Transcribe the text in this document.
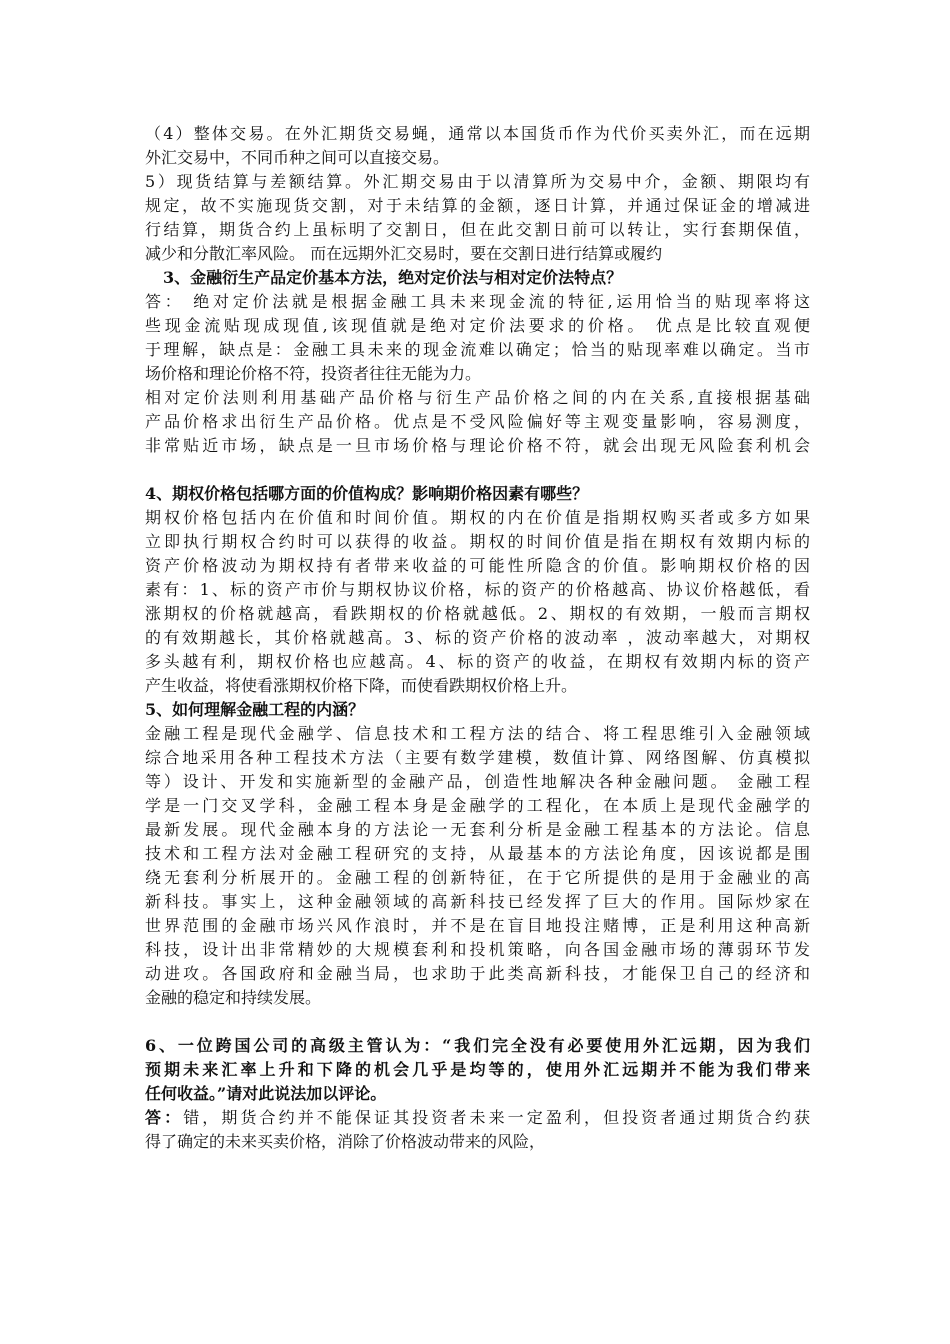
（4）整体交易。在外汇期货交易蝇，通常以本国货币作为代价买卖外汇，而在远期
外汇交易中，不同币种之间可以直接交易。
5）现货结算与差额结算。外汇期交易由于以清算所为交易中介，金额、期限均有
规定，故不实施现货交割，对于未结算的金额，逐日计算，并通过保证金的增减进
行结算，期货合约上虽标明了交割日，但在此交割日前可以转让，实行套期保值，
减少和分散汇率风险。 而在远期外汇交易时，要在交割日进行结算或履约
3、金融衍生产品定价基本方法，绝对定价法与相对定价法特点？
答： 绝对定价法就是根据金融工具未来现金流的特征,运用恰当的贴现率将这
些现金流贴现成现值,该现值就是绝对定价法要求的价格。 优点是比较直观便
于理解，缺点是：金融工具未来的现金流难以确定；恰当的贴现率难以确定。当市
场价格和理论价格不符，投资者往往无能为力。
相对定价法则利用基础产品价格与衍生产品价格之间的内在关系,直接根据基础
产品价格求出衍生产品价格。优点是不受风险偏好等主观变量影响，容易测度，
非常贴近市场，缺点是一旦市场价格与理论价格不符，就会出现无风险套利机会
4、期权价格包括哪方面的价值构成？影响期价格因素有哪些？
期权价格包括内在价值和时间价值。期权的内在价值是指期权购买者或多方如果
立即执行期权合约时可以获得的收益。期权的时间价值是指在期权有效期内标的
资产价格波动为期权持有者带来收益的可能性所隐含的价值。影响期权价格的因
素有：1、标的资产市价与期权协议价格，标的资产的价格越高、协议价格越低，看
涨期权的价格就越高，看跌期权的价格就越低。2、期权的有效期，一般而言期权
的有效期越长，其价格就越高。3、标的资产价格的波动率 ，波动率越大，对期权
多头越有利，期权价格也应越高。4、标的资产的收益，在期权有效期内标的资产
产生收益，将使看涨期权价格下降，而使看跌期权价格上升。
5、如何理解金融工程的内涵？
金融工程是现代金融学、信息技术和工程方法的结合、将工程思维引入金融领域
综合地采用各种工程技术方法（主要有数学建模，数值计算、网络图解、仿真模拟
等）设计、开发和实施新型的金融产品，创造性地解决各种金融问题。 金融工程
学是一门交叉学科，金融工程本身是金融学的工程化，在本质上是现代金融学的
最新发展。现代金融本身的方法论一无套利分析是金融工程基本的方法论。信息
技术和工程方法对金融工程研究的支持，从最基本的方法论角度，因该说都是围
绕无套利分析展开的。金融工程的创新特征，在于它所提供的是用于金融业的高
新科技。事实上，这种金融领域的高新科技已经发挥了巨大的作用。国际炒家在
世界范围的金融市场兴风作浪时，并不是在盲目地投注赌博，正是利用这种高新
科技，设计出非常精妙的大规模套利和投机策略，向各国金融市场的薄弱环节发
动进攻。各国政府和金融当局，也求助于此类高新科技，才能保卫自己的经济和
金融的稳定和持续发展。
6、一位跨国公司的高级主管认为：“我们完全没有必要使用外汇远期，因为我们
预期未来汇率上升和下降的机会几乎是均等的，使用外汇远期并不能为我们带来
任何收益。”请对此说法加以评论。
答：错，期货合约并不能保证其投资者未来一定盈利，但投资者通过期货合约获
得了确定的未来买卖价格，消除了价格波动带来的风险，
